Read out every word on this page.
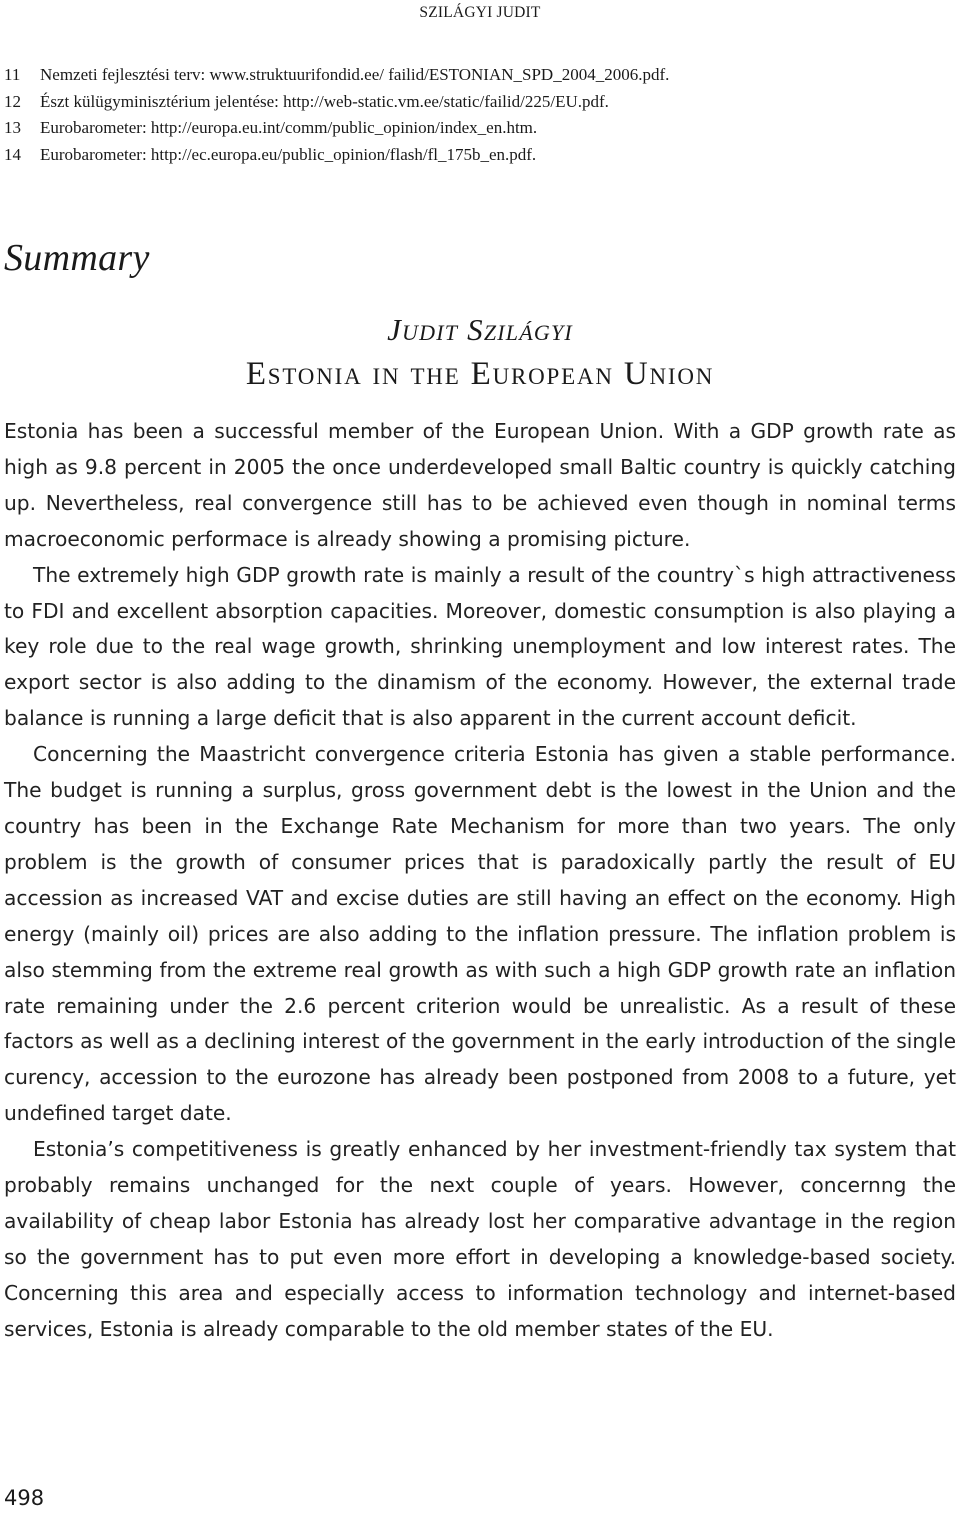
SZILÁGYI JUDIT
11	Nemzeti fejlesztési terv: www.struktuurifondid.ee/ failid/ESTONIAN_SPD_2004_2006.pdf.
12	Észt külügyminisztérium jelentése: http://web-static.vm.ee/static/failid/225/EU.pdf.
13	Eurobarometer: http://europa.eu.int/comm/public_opinion/index_en.htm.
14	Eurobarometer: http://ec.europa.eu/public_opinion/flash/fl_175b_en.pdf.
Summary
Judit Szilágyi
Estonia in the European Union

Estonia has been a successful member of the European Union. With a GDP growth rate as high as 9.8 percent in 2005 the once underdeveloped small Baltic country is quickly catching up. Nevertheless, real convergence still has to be achieved even though in nominal terms macroeconomic performace is already showing a promising picture.

The extremely high GDP growth rate is mainly a result of the country`s high attractiveness to FDI and excellent absorption capacities. Moreover, domestic consumption is also playing a key role due to the real wage growth, shrinking unemployment and low interest rates. The export sector is also adding to the dinamism of the economy. However, the external trade balance is running a large deficit that is also apparent in the current account deficit.

Concerning the Maastricht convergence criteria Estonia has given a stable performance. The budget is running a surplus, gross government debt is the lowest in the Union and the country has been in the Exchange Rate Mechanism for more than two years. The only problem is the growth of consumer prices that is paradoxically partly the result of EU accession as increased VAT and excise duties are still having an effect on the economy. High energy (mainly oil) prices are also adding to the inflation pressure. The inflation problem is also stemming from the extreme real growth as with such a high GDP growth rate an inflation rate remaining under the 2.6 percent criterion would be unrealistic. As a result of these factors as well as a declining interest of the government in the early introduction of the single curency, accession to the eurozone has already been postponed from 2008 to a future, yet undefined target date.

Estonia’s competitiveness is greatly enhanced by her investment-friendly tax system that probably remains unchanged for the next couple of years. However, concernng the availability of cheap labor Estonia has already lost her comparative advantage in the region so the government has to put even more effort in developing a knowledge-based society. Concerning this area and especially access to information technology and internet-based services, Estonia is already comparable to the old member states of the EU.

498
